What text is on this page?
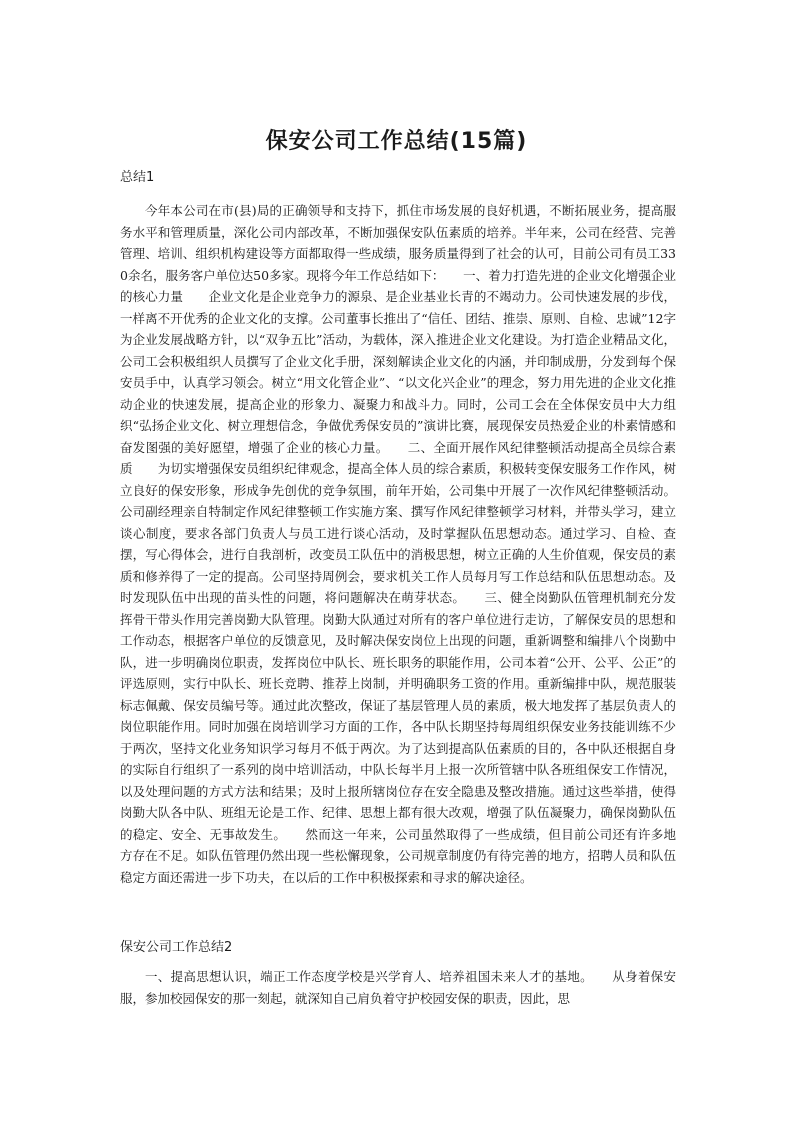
保安公司工作总结(15篇)
总结1
今年本公司在市(县)局的正确领导和支持下，抓住市场发展的良好机遇，不断拓展业务，提高服务水平和管理质量，深化公司内部改革，不断加强保安队伍素质的培养。半年来，公司在经营、完善管理、培训、组织机构建设等方面都取得一些成绩，服务质量得到了社会的认可，目前公司有员工330余名，服务客户单位达50多家。现将今年工作总结如下：　　一、着力打造先进的企业文化增强企业的核心力量　　企业文化是企业竞争力的源泉、是企业基业长青的不竭动力。公司快速发展的步伐，一样离不开优秀的企业文化的支撑。公司董事长推出了“信任、团结、推崇、原则、自检、忠诚”12字为企业发展战略方针，以“双争五比”活动，为载体，深入推进企业文化建设。为打造企业精品文化，公司工会积极组织人员撰写了企业文化手册，深刻解读企业文化的内涵，并印制成册，分发到每个保安员手中，认真学习领会。树立“用文化管企业”、“以文化兴企业”的理念，努力用先进的企业文化推动企业的快速发展，提高企业的形象力、凝聚力和战斗力。同时，公司工会在全体保安员中大力组织“弘扬企业文化、树立理想信念，争做优秀保安员的”演讲比赛，展现保安员热爱企业的朴素情感和奋发图强的美好愿望，增强了企业的核心力量。　　二、全面开展作风纪律整顿活动提高全员综合素质　　为切实增强保安员组织纪律观念，提高全体人员的综合素质，积极转变保安服务工作作风，树立良好的保安形象，形成争先创优的竞争氛围，前年开始，公司集中开展了一次作风纪律整顿活动。公司副经理亲自特制定作风纪律整顿工作实施方案、撰写作风纪律整顿学习材料，并带头学习，建立谈心制度，要求各部门负责人与员工进行谈心活动，及时掌握队伍思想动态。通过学习、自检、查摆，写心得体会，进行自我剖析，改变员工队伍中的消极思想，树立正确的人生价值观，保安员的素质和修养得了一定的提高。公司坚持周例会，要求机关工作人员每月写工作总结和队伍思想动态。及时发现队伍中出现的苗头性的问题，将问题解决在萌芽状态。　　三、健全岗勤队伍管理机制充分发挥骨干带头作用完善岗勤大队管理。岗勤大队通过对所有的客户单位进行走访，了解保安员的思想和工作动态，根据客户单位的反馈意见，及时解决保安岗位上出现的问题，重新调整和编排八个岗勤中队，进一步明确岗位职责，发挥岗位中队长、班长职务的职能作用，公司本着“公开、公平、公正”的评选原则，实行中队长、班长竞聘、推荐上岗制，并明确职务工资的作用。重新编排中队，规范服装标志佩戴、保安员编号等。通过此次整改，保证了基层管理人员的素质，极大地发挥了基层负责人的岗位职能作用。同时加强在岗培训学习方面的工作，各中队长期坚持每周组织保安业务技能训练不少于两次，坚持文化业务知识学习每月不低于两次。为了达到提高队伍素质的目的，各中队还根据自身的实际自行组织了一系列的岗中培训活动，中队长每半月上报一次所管辖中队各班组保安工作情况，以及处理问题的方式方法和结果；及时上报所辖岗位存在安全隐患及整改措施。通过这些举措，使得岗勤大队各中队、班组无论是工作、纪律、思想上都有很大改观，增强了队伍凝聚力，确保岗勤队伍的稳定、安全、无事故发生。　　然而这一年来，公司虽然取得了一些成绩，但目前公司还有许多地方存在不足。如队伍管理仍然出现一些松懈现象，公司规章制度仍有待完善的地方，招聘人员和队伍稳定方面还需进一步下功夫，在以后的工作中积极探索和寻求的解决途径。
保安公司工作总结2
一、提高思想认识，端正工作态度学校是兴学育人、培养祖国未来人才的基地。　　从身着保安服，参加校园保安的那一刻起，就深知自己肩负着守护校园安保的职责，因此，思
